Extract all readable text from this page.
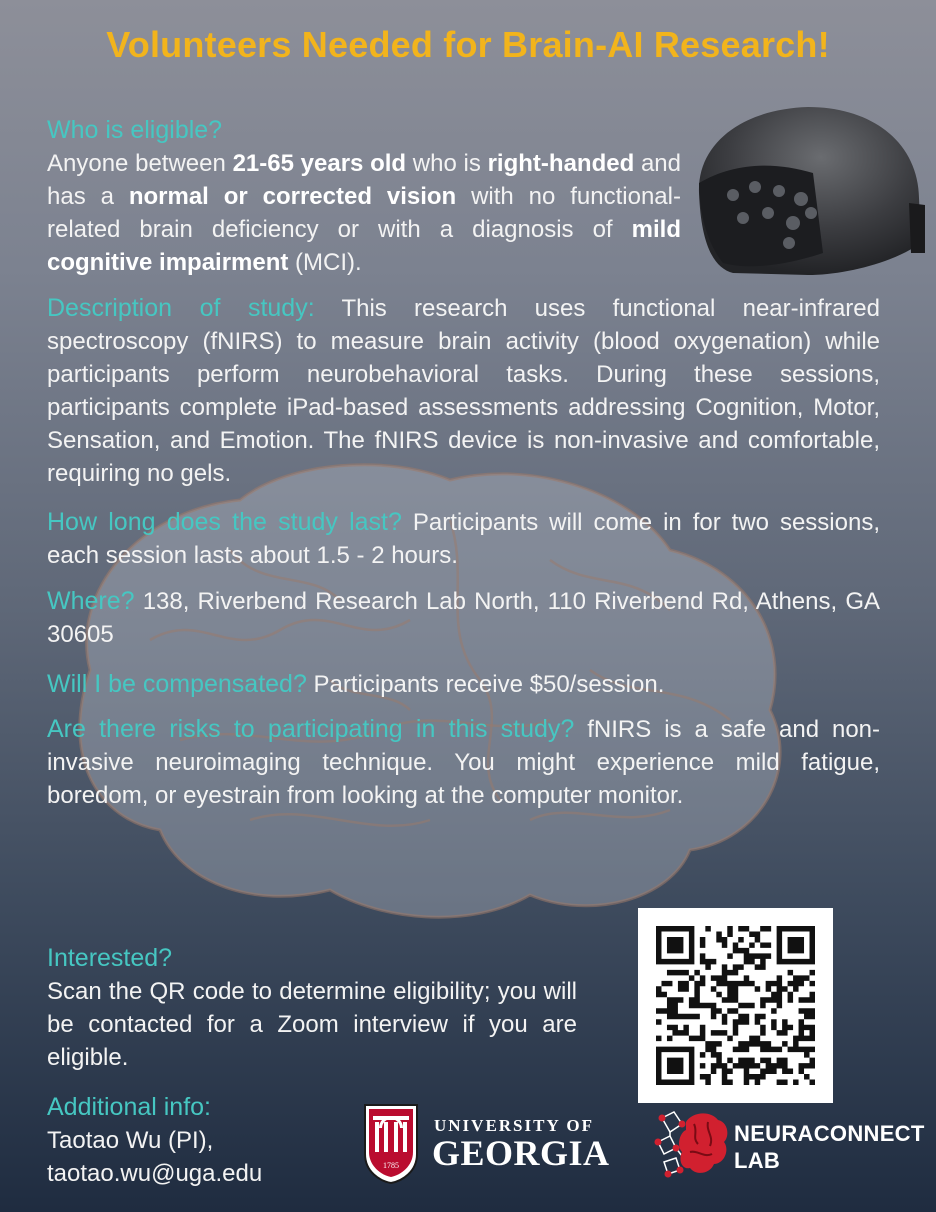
Volunteers Needed for Brain-AI Research!
Who is eligible?
Anyone between 21-65 years old who is right-handed and has a normal or corrected vision with no functional-related brain deficiency or with a diagnosis of mild cognitive impairment (MCI).
Description of study: This research uses functional near-infrared spectroscopy (fNIRS) to measure brain activity (blood oxygenation) while participants perform neurobehavioral tasks. During these sessions, participants complete iPad-based assessments addressing Cognition, Motor, Sensation, and Emotion. The fNIRS device is non-invasive and comfortable, requiring no gels.
How long does the study last? Participants will come in for two sessions, each session lasts about 1.5 - 2 hours.
Where? 138, Riverbend Research Lab North, 110 Riverbend Rd, Athens, GA 30605
Will I be compensated? Participants receive $50/session.
Are there risks to participating in this study? fNIRS is a safe and non-invasive neuroimaging technique. You might experience mild fatigue, boredom, or eyestrain from looking at the computer monitor.
Interested?
Scan the QR code to determine eligibility; you will be contacted for a Zoom interview if you are eligible.
Additional info:
Taotao Wu (PI),
taotao.wu@uga.edu	1785
UNIVERSITY OF
GEORGIA	NEURACONNECT
LAB
